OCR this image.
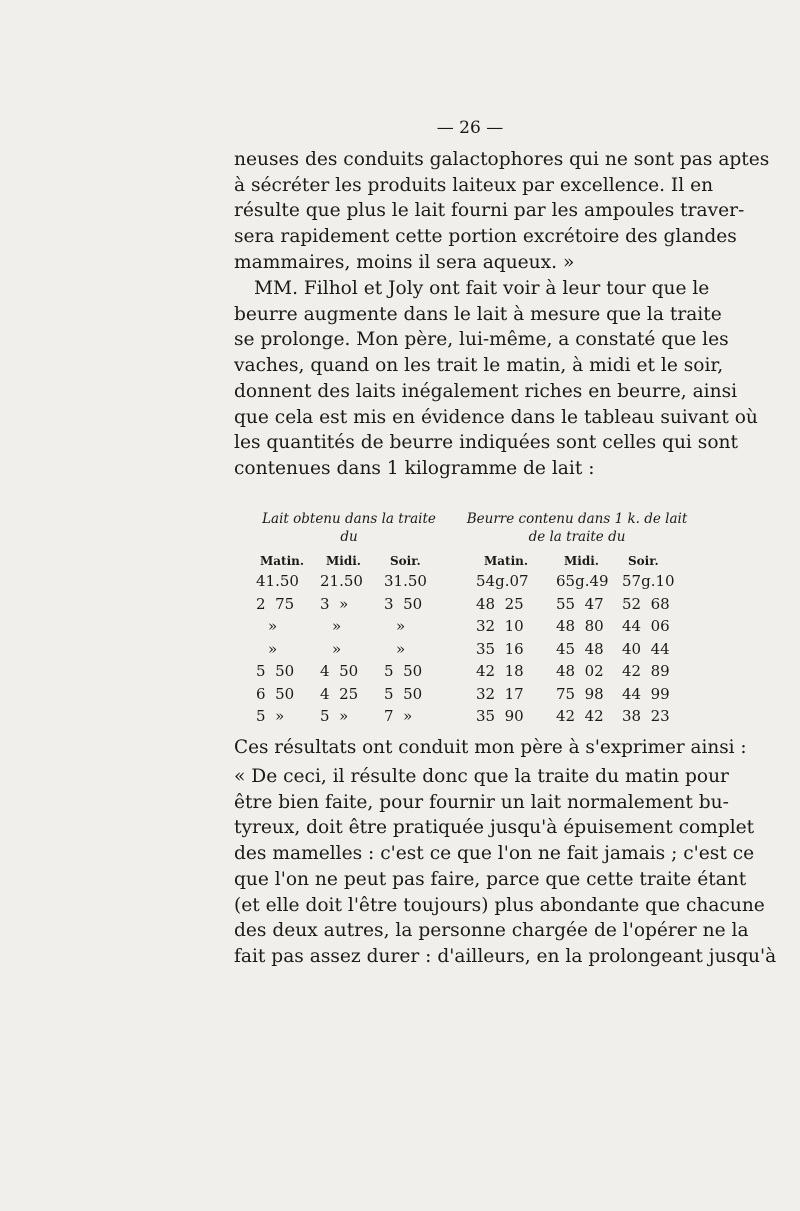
— 26 —
neuses des conduits galactophores qui ne sont pas aptes
à sécréter les produits laiteux par excellence. Il en
résulte que plus le lait fourni par les ampoules traver-
sera rapidement cette portion excrétoire des glandes
mammaires, moins il sera aqueux. »
MM. Filhol et Joly ont fait voir à leur tour que le
beurre augmente dans le lait à mesure que la traite
se prolonge. Mon père, lui-même, a constaté que les
vaches, quand on les trait le matin, à midi et le soir,
donnent des laits inégalement riches en beurre, ainsi
que cela est mis en évidence dans le tableau suivant où
les quantités de beurre indiquées sont celles qui sont
contenues dans 1 kilogramme de lait :
Lait obtenu dans la traite
du
Beurre contenu dans 1 k. de lait
de la traite du
Matin. Midi. Soir.	Matin.	Midi. Soir.
41.50 21.50 31.50	54g.07 65g.49 57g.10
2  75 3  » 3  50	48  25 55  47 52  68
»	»	»	32  10 48  80 44  06
»	»	»	35  16 45  48 40  44
5  50 4  50 5  50	42  18 48  02 42  89
6  50 4  25 5  50	32  17 75  98 44  99
5  » 5  » 7  »	35  90 42  42 38  23
Ces résultats ont conduit mon père à s'exprimer ainsi :
« De ceci, il résulte donc que la traite du matin pour
être bien faite, pour fournir un lait normalement bu-
tyreux, doit être pratiquée jusqu'à épuisement complet
des mamelles : c'est ce que l'on ne fait jamais ; c'est ce
que l'on ne peut pas faire, parce que cette traite étant
(et elle doit l'être toujours) plus abondante que chacune
des deux autres, la personne chargée de l'opérer ne la
fait pas assez durer : d'ailleurs, en la prolongeant jusqu'à
